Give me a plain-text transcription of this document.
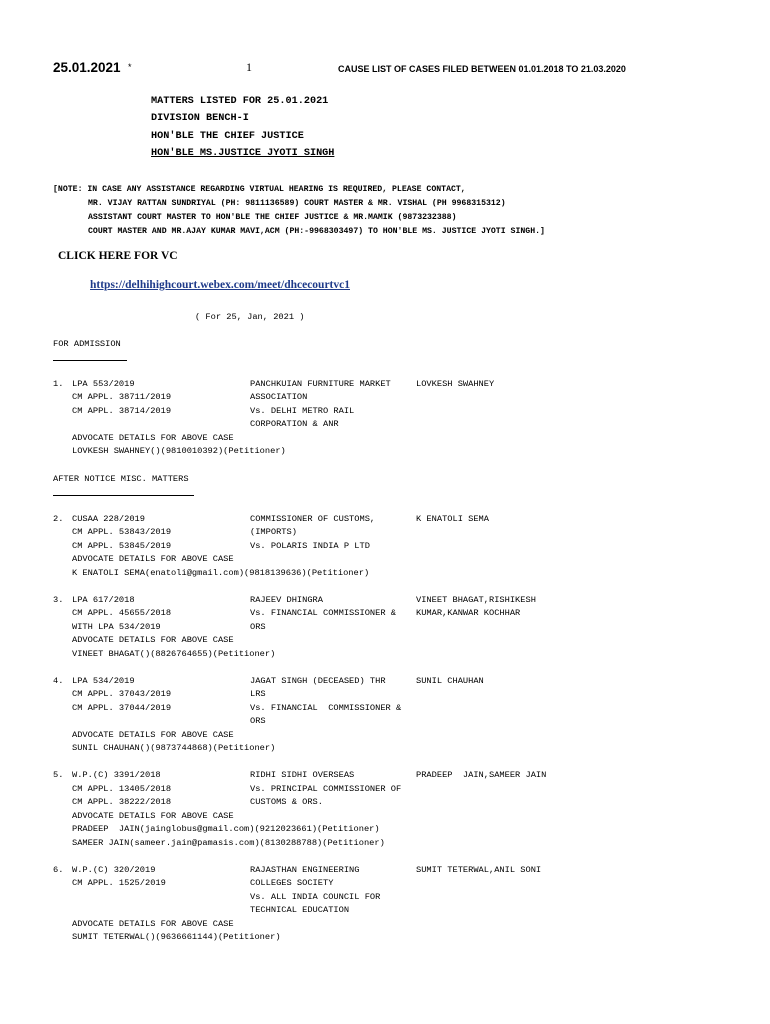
25.01.2021 *	1	CAUSE LIST OF CASES FILED BETWEEN 01.01.2018 TO 21.03.2020
MATTERS LISTED FOR 25.01.2021
DIVISION BENCH-I
HON'BLE THE CHIEF JUSTICE
HON'BLE MS.JUSTICE JYOTI SINGH
[NOTE: IN CASE ANY ASSISTANCE REGARDING VIRTUAL HEARING IS REQUIRED, PLEASE CONTACT,
MR. VIJAY RATTAN SUNDRIYAL (PH: 9811136589) COURT MASTER & MR. VISHAL (PH 9968315312)
ASSISTANT COURT MASTER TO HON'BLE THE CHIEF JUSTICE & MR.MAMIK (9873232388)
COURT MASTER AND MR.AJAY KUMAR MAVI,ACM (PH:-9968303497) TO HON'BLE MS. JUSTICE JYOTI SINGH.]
CLICK HERE FOR VC
https://delhihighcourt.webex.com/meet/dhcecourtvc1
( For 25, Jan, 2021 )
FOR ADMISSION
1. LPA 553/2019
CM APPL. 38711/2019
CM APPL. 38714/2019
PANCHKUIAN FURNITURE MARKET
ASSOCIATION
Vs. DELHI METRO RAIL
CORPORATION & ANR
LOVKESH SWAHNEY
ADVOCATE DETAILS FOR ABOVE CASE
LOVKESH SWAHNEY()(9810010392)(Petitioner)
AFTER NOTICE MISC. MATTERS
2. CUSAA 228/2019
CM APPL. 53843/2019
CM APPL. 53845/2019
COMMISSIONER OF CUSTOMS,
(IMPORTS)
Vs. POLARIS INDIA P LTD
K ENATOLI SEMA
ADVOCATE DETAILS FOR ABOVE CASE
K ENATOLI SEMA(enatoli@gmail.com)(9818139636)(Petitioner)
3. LPA 617/2018
CM APPL. 45655/2018
WITH LPA 534/2019
RAJEEV DHINGRA
Vs. FINANCIAL COMMISSIONER &
ORS
VINEET BHAGAT,RISHIKESH
KUMAR,KANWAR KOCHHAR
ADVOCATE DETAILS FOR ABOVE CASE
VINEET BHAGAT()(8826764655)(Petitioner)
4. LPA 534/2019
CM APPL. 37043/2019
CM APPL. 37044/2019
JAGAT SINGH (DECEASED) THR
LRS
Vs. FINANCIAL  COMMISSIONER &
ORS
SUNIL CHAUHAN
ADVOCATE DETAILS FOR ABOVE CASE
SUNIL CHAUHAN()(9873744868)(Petitioner)
5. W.P.(C) 3391/2018
CM APPL. 13405/2018
CM APPL. 38222/2018
RIDHI SIDHI OVERSEAS
Vs. PRINCIPAL COMMISSIONER OF
CUSTOMS & ORS.
PRADEEP  JAIN,SAMEER JAIN
ADVOCATE DETAILS FOR ABOVE CASE
PRADEEP  JAIN(jainglobus@gmail.com)(9212023661)(Petitioner)
SAMEER JAIN(sameer.jain@pamasis.com)(8130288788)(Petitioner)
6. W.P.(C) 320/2019
CM APPL. 1525/2019
RAJASTHAN ENGINEERING
COLLEGES SOCIETY
Vs. ALL INDIA COUNCIL FOR
TECHNICAL EDUCATION
SUMIT TETERWAL,ANIL SONI
ADVOCATE DETAILS FOR ABOVE CASE
SUMIT TETERWAL()(9636661144)(Petitioner)
